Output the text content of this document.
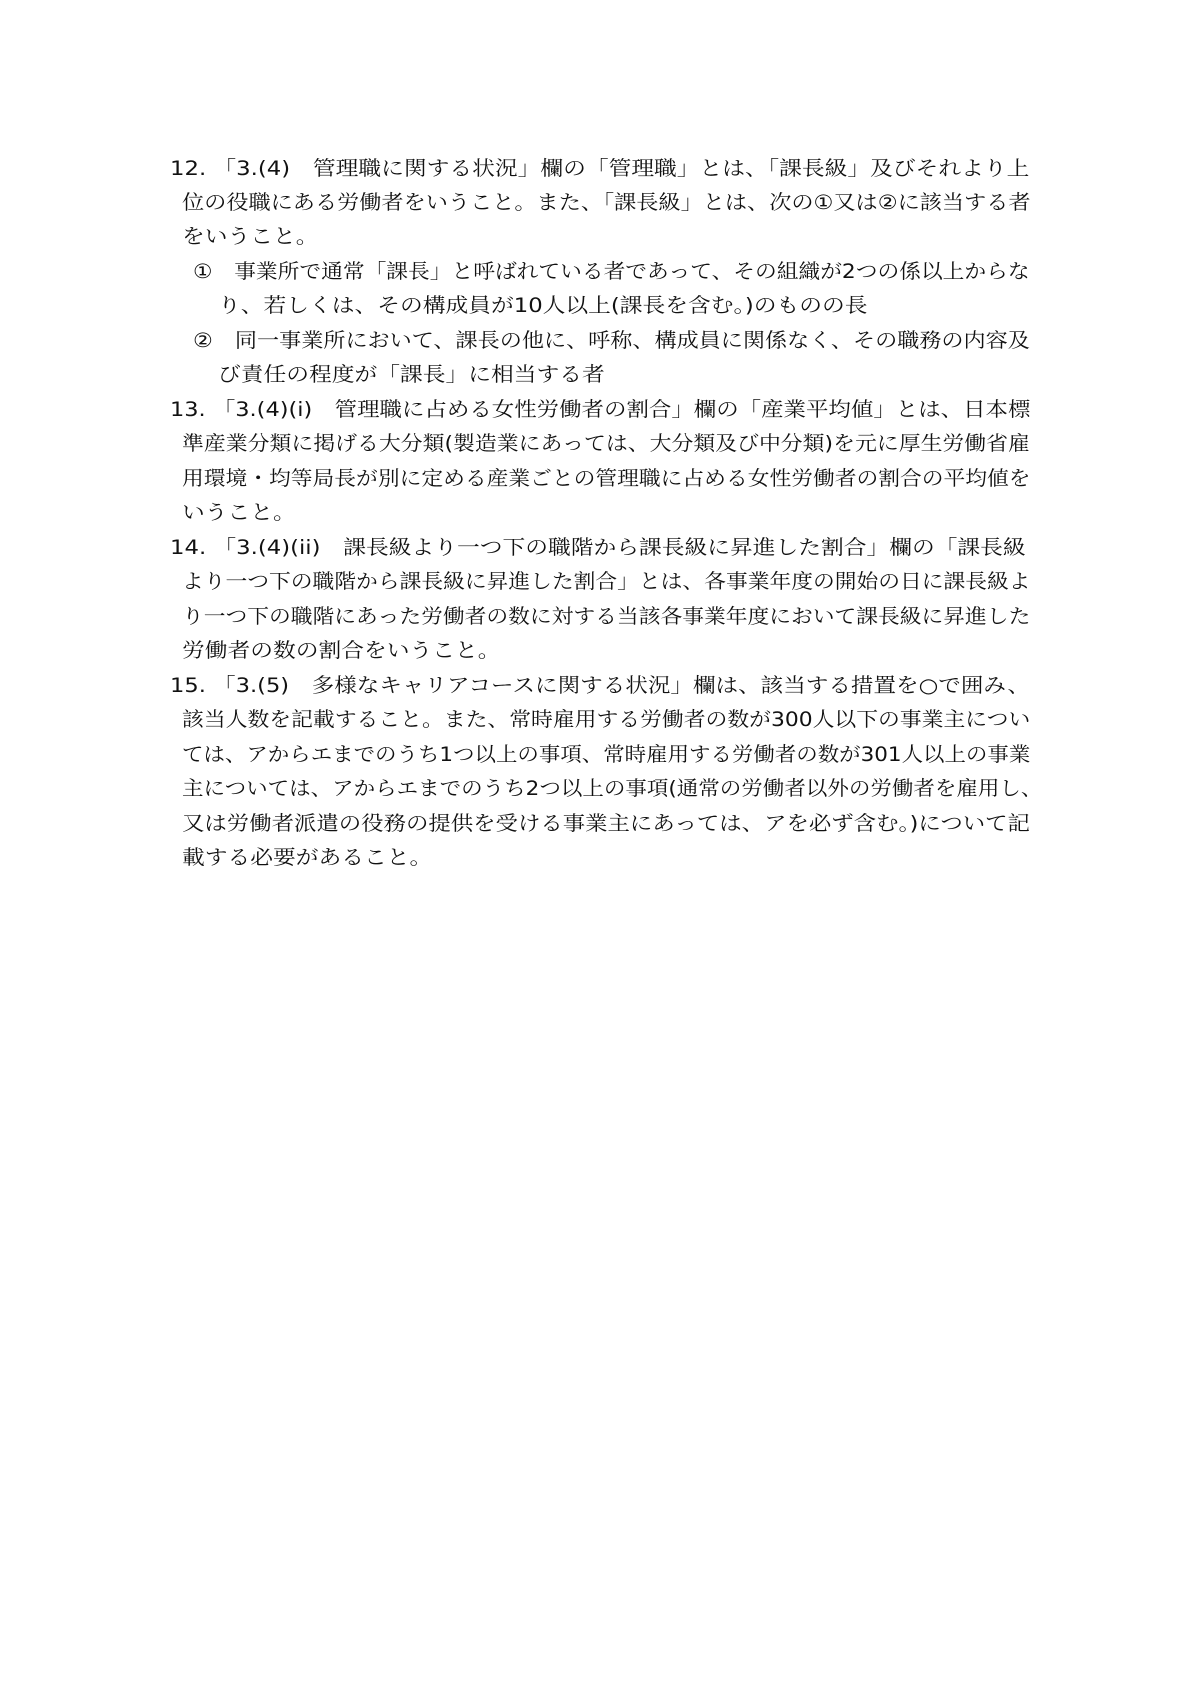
12. 「3.(4)　管理職に関する状況」欄の「管理職」とは、「課長級」及びそれより上
位の役職にある労働者をいうこと。また、「課長級」とは、次の①又は②に該当する者
をいうこと。
①　事業所で通常「課長」と呼ばれている者であって、その組織が2つの係以上からな
り、若しくは、その構成員が10人以上(課長を含む。)のものの長
②　同一事業所において、課長の他に、呼称、構成員に関係なく、その職務の内容及
び責任の程度が「課長」に相当する者
13. 「3.(4)(i)　管理職に占める女性労働者の割合」欄の「産業平均値」とは、日本標
準産業分類に掲げる大分類(製造業にあっては、大分類及び中分類)を元に厚生労働省雇
用環境・均等局長が別に定める産業ごとの管理職に占める女性労働者の割合の平均値を
いうこと。
14. 「3.(4)(ii)　課長級より一つ下の職階から課長級に昇進した割合」欄の「課長級
より一つ下の職階から課長級に昇進した割合」とは、各事業年度の開始の日に課長級よ
り一つ下の職階にあった労働者の数に対する当該各事業年度において課長級に昇進した
労働者の数の割合をいうこと。
15. 「3.(5)　多様なキャリアコースに関する状況」欄は、該当する措置を○で囲み、
該当人数を記載すること。また、常時雇用する労働者の数が300人以下の事業主につい
ては、アからエまでのうち1つ以上の事項、常時雇用する労働者の数が301人以上の事業
主については、アからエまでのうち2つ以上の事項(通常の労働者以外の労働者を雇用し、
又は労働者派遣の役務の提供を受ける事業主にあっては、アを必ず含む。)について記
載する必要があること。
